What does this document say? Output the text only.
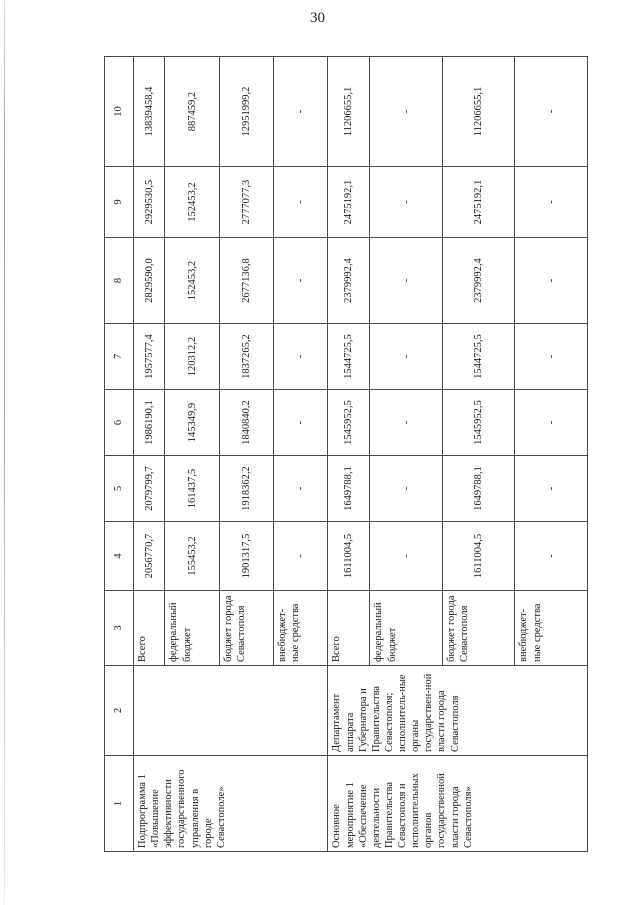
30
1	2	3	4	5	6	7	8	9	10
Подпрограмма 1 «Повышение эффективности государственного управления в городе Севастополе»		Всего	2056770,7	2079799,7	1986190,1	1957577,4	2829590,0	2929530,5	13839458,4
		федеральный бюджет	155453,2	161437,5	145349,9	120312,2	152453,2	152453,2	887459,2
		бюджет города Севастополя	1901317,5	1918362,2	1840840,2	1837265,2	2677136,8	2777077,3	12951999,2
		внебюджет-ные средства	-	-	-	-	-	-	-
Основное мероприятие 1 «Обеспечение деятельности Правительства Севастополя и исполнительных органов государственной власти города Севастополя»	Департамент аппарата Губернатора и Правительства Севастополя; исполнитель-ные органы государствен-ной власти города Севастополя	Всего	1611004,5	1649788,1	1545952,5	1544725,5	2379992,4	2475192,1	11206655,1
		федеральный бюджет	-	-	-	-	-	-	-
		бюджет города Севастополя	1611004,5	1649788,1	1545952,5	1544725,5	2379992,4	2475192,1	11206655,1
		внебюджет-ные средства	-	-	-	-	-	-	-
